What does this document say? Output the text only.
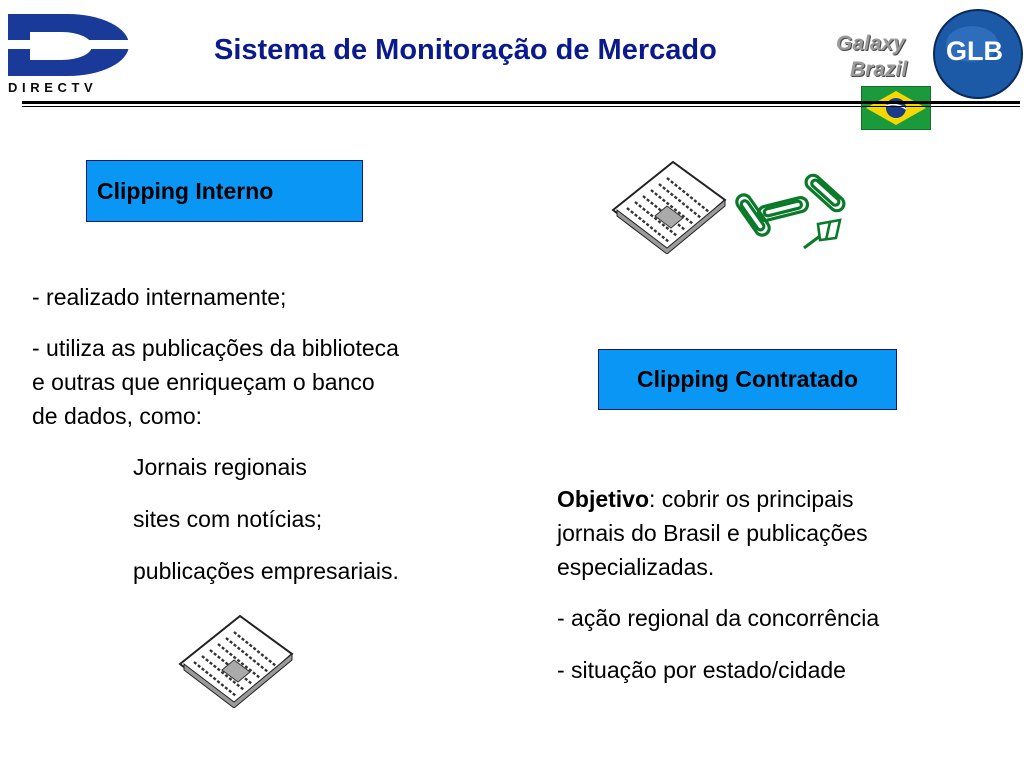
DIRECTV
Sistema de Monitoração de Mercado	Galaxy
Brazil
GLB
Clipping Interno
- realizado internamente;
- utiliza as publicações da biblioteca
e outras que enriqueçam o banco
de dados, como:
Jornais regionais
sites com notícias;
publicações empresariais.
Clipping Contratado
Objetivo: cobrir os principais
jornais do Brasil e publicações
especializadas.
- ação regional da concorrência
- situação por estado/cidade
